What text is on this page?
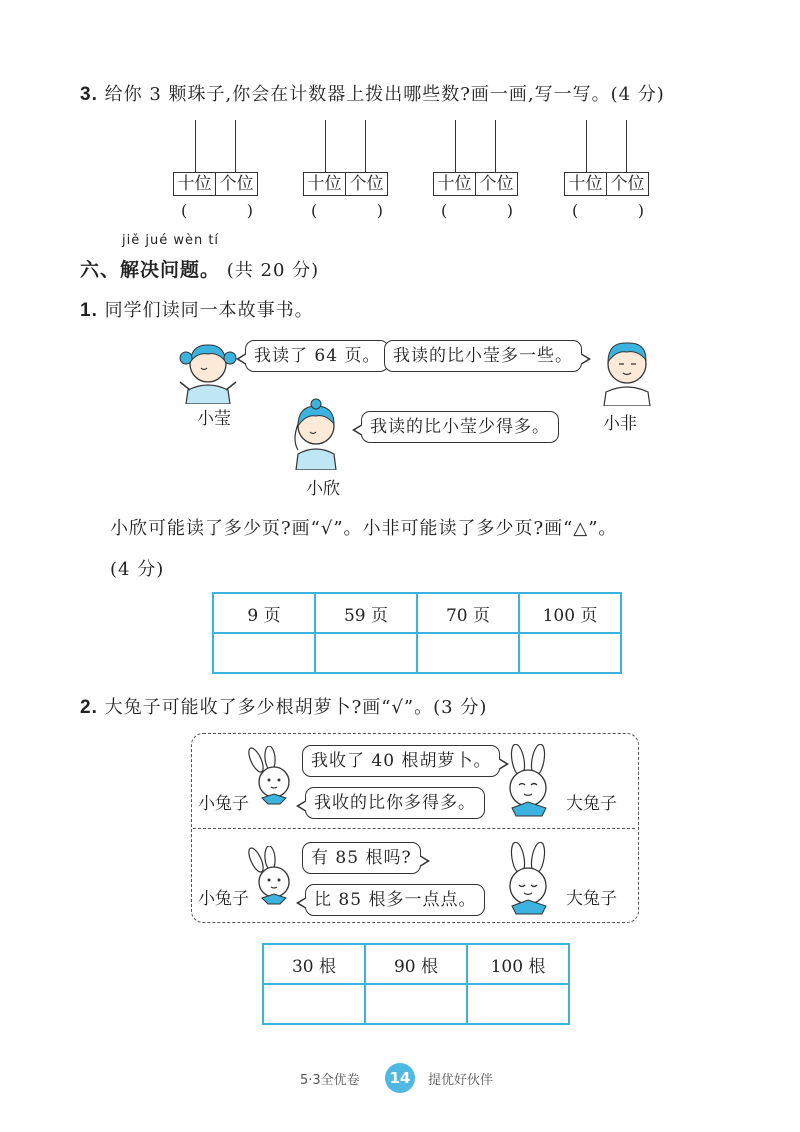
3. 给你 3 颗珠子,你会在计数器上拨出哪些数?画一画,写一写。(4 分)
十位 个位
(	)
十位 个位
(	)
十位 个位
(	)
十位 个位
(	)
jiě jué wèn tí
六、解决问题。 (共 20 分)
1. 同学们读同一本故事书。
小莹
我读了 64 页。 我读的比小莹多一些。
小非
小欣
我读的比小莹少得多。
小欣可能读了多少页?画“√”。小非可能读了多少页?画“△”。
(4 分)
9 页	59 页	70 页	100 页

2. 大兔子可能收了多少根胡萝卜?画“√”。(3 分)
小兔子
我收了 40 根胡萝卜。
我收的比你多得多。	大兔子
小兔子
有 85 根吗?
比 85 根多一点点。	大兔子
30 根	90 根	100 根

5·3全优卷	14	提优好伙伴
